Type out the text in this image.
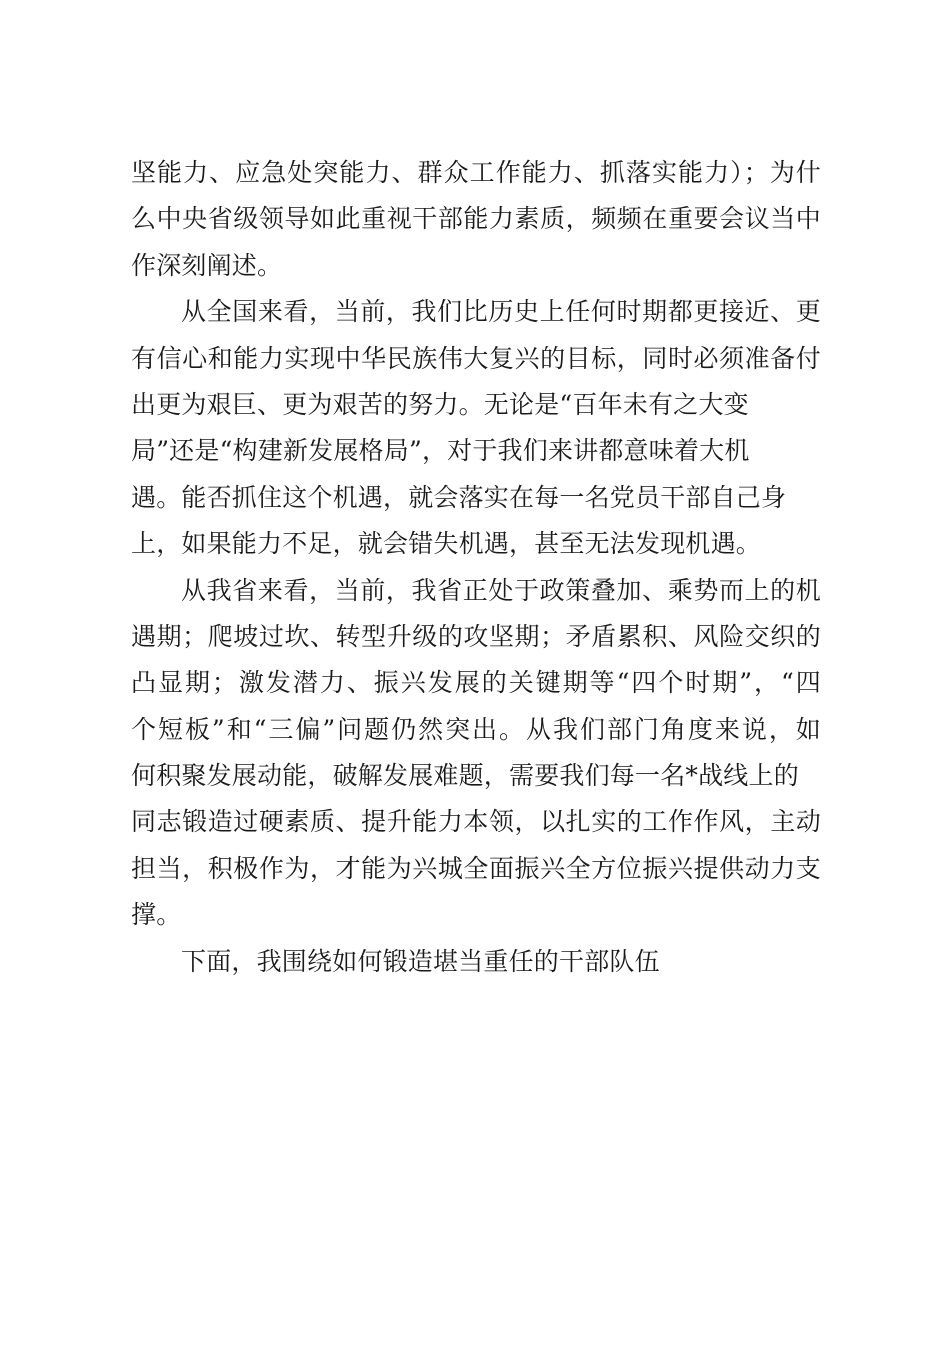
坚能力、应急处突能力、群众工作能力、抓落实能力）；为什
么中央省级领导如此重视干部能力素质，频频在重要会议当中
作深刻阐述。
从全国来看，当前，我们比历史上任何时期都更接近、更
有信心和能力实现中华民族伟大复兴的目标，同时必须准备付
出更为艰巨、更为艰苦的努力。无论是“百年未有之大变
局”还是“构建新发展格局”，对于我们来讲都意味着大机
遇。能否抓住这个机遇，就会落实在每一名党员干部自己身
上，如果能力不足，就会错失机遇，甚至无法发现机遇。
从我省来看，当前，我省正处于政策叠加、乘势而上的机
遇期；爬坡过坎、转型升级的攻坚期；矛盾累积、风险交织的
凸显期；激发潜力、振兴发展的关键期等“四个时期”，“四
个短板”和“三偏”问题仍然突出。从我们部门角度来说，如
何积聚发展动能，破解发展难题，需要我们每一名*战线上的
同志锻造过硬素质、提升能力本领，以扎实的工作作风，主动
担当，积极作为，才能为兴城全面振兴全方位振兴提供动力支
撑。
下面，我围绕如何锻造堪当重任的干部队伍
